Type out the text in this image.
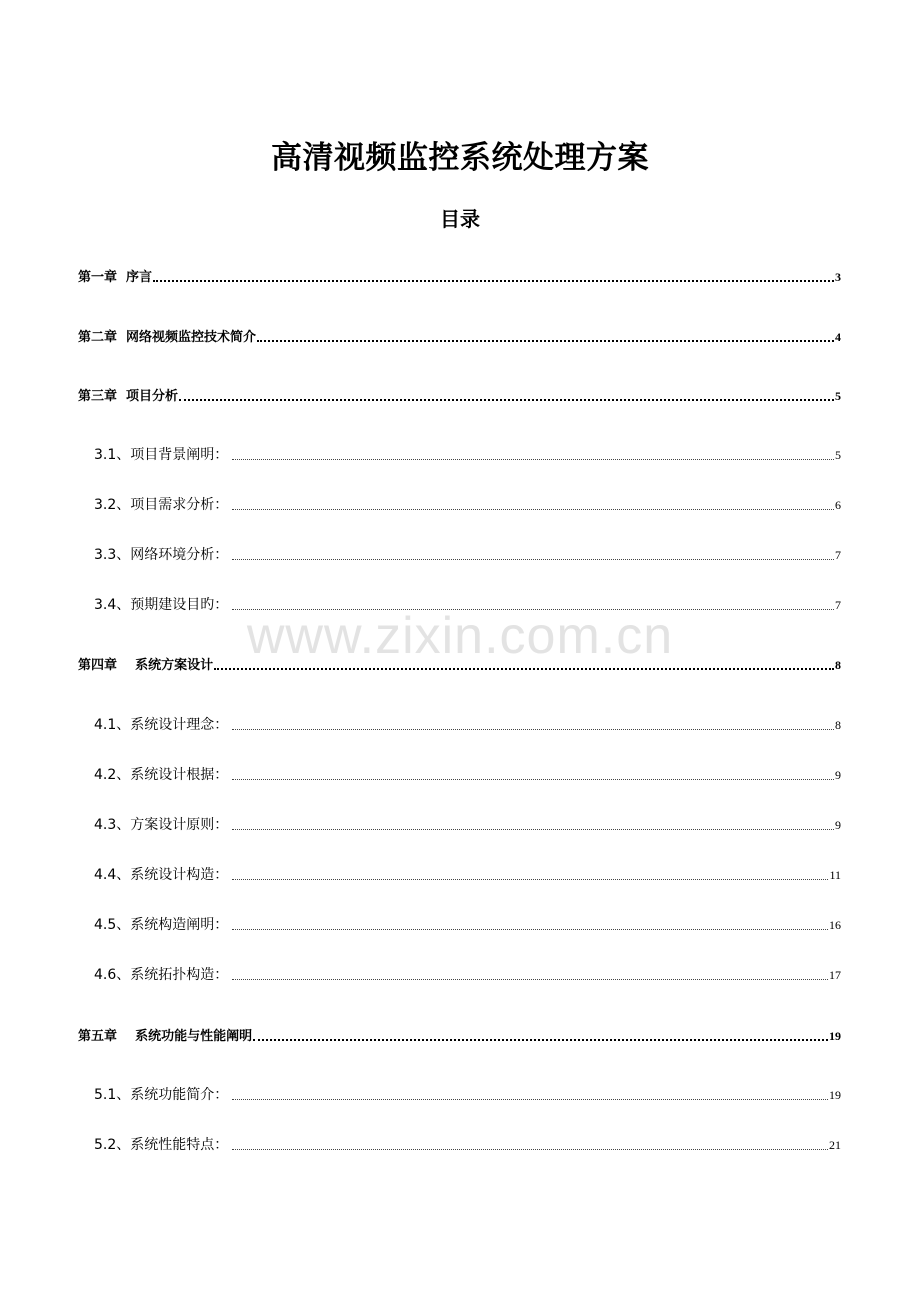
高清视频监控系统处理方案
目录
第一章  序言	3
第二章  网络视频监控技术简介	4
第三章  项目分析	5
3.1、项目背景阐明：	5
3.2、项目需求分析：	6
3.3、网络环境分析：	7
3.4、预期建设目旳：	7
第四章    系统方案设计	8
4.1、系统设计理念：	8
4.2、系统设计根据：	9
4.3、方案设计原则：	9
4.4、系统设计构造：	11
4.5、系统构造阐明：	16
4.6、系统拓扑构造：	17
第五章    系统功能与性能阐明	19
5.1、系统功能简介：	19
5.2、系统性能特点：	21
www.zixin.com.cn
